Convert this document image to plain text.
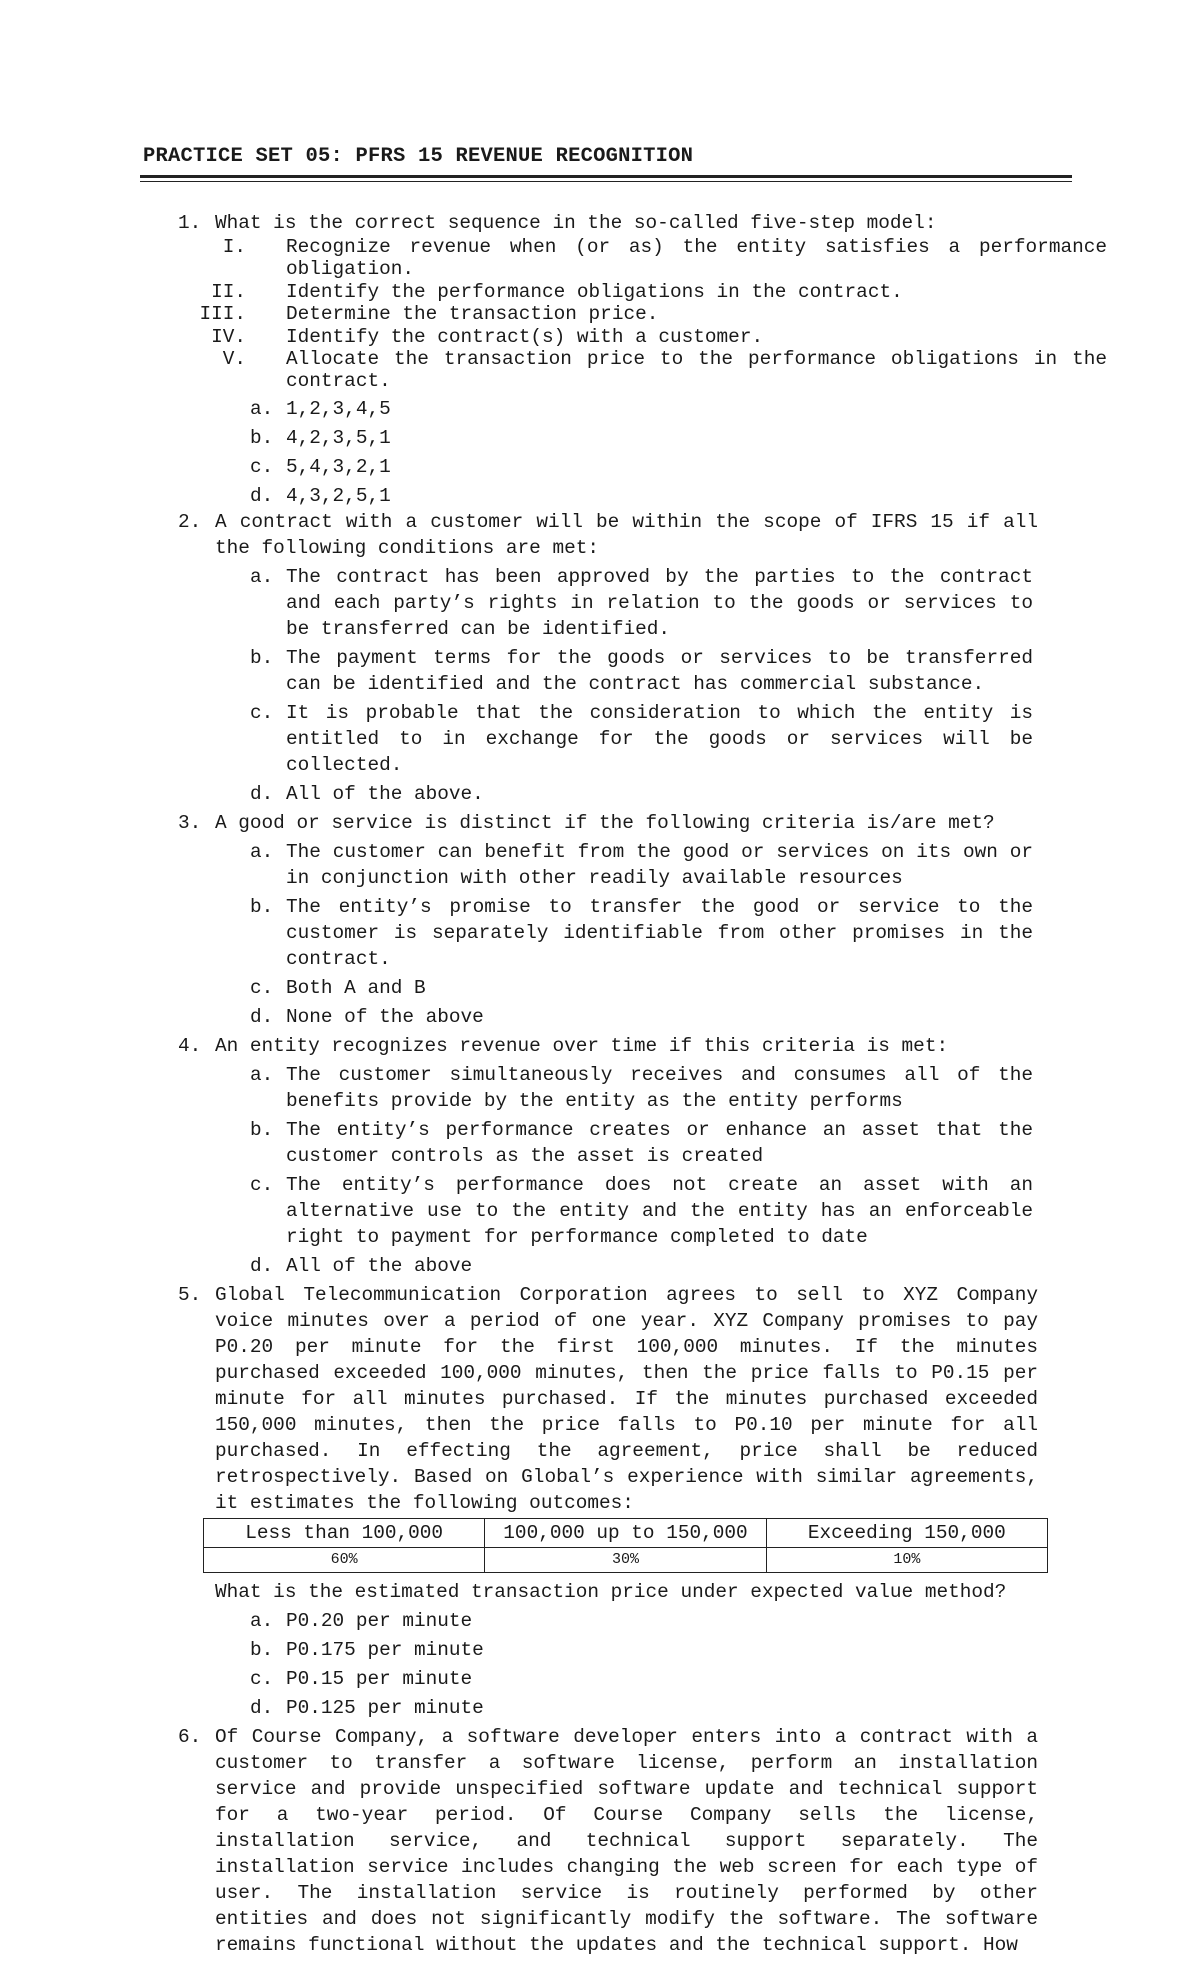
PRACTICE SET 05: PFRS 15 REVENUE RECOGNITION
1. What is the correct sequence in the so-called five-step model:
I. Recognize revenue when (or as) the entity satisfies a performance obligation.
II. Identify the performance obligations in the contract.
III. Determine the transaction price.
IV. Identify the contract(s) with a customer.
V. Allocate the transaction price to the performance obligations in the contract.
a. 1,2,3,4,5
b. 4,2,3,5,1
c. 5,4,3,2,1
d. 4,3,2,5,1
2. A contract with a customer will be within the scope of IFRS 15 if all the following conditions are met:
a. The contract has been approved by the parties to the contract and each party’s rights in relation to the goods or services to be transferred can be identified.
b. The payment terms for the goods or services to be transferred can be identified and the contract has commercial substance.
c. It is probable that the consideration to which the entity is entitled to in exchange for the goods or services will be collected.
d. All of the above.
3. A good or service is distinct if the following criteria is/are met?
a. The customer can benefit from the good or services on its own or in conjunction with other readily available resources
b. The entity’s promise to transfer the good or service to the customer is separately identifiable from other promises in the contract.
c. Both A and B
d. None of the above
4. An entity recognizes revenue over time if this criteria is met:
a. The customer simultaneously receives and consumes all of the benefits provide by the entity as the entity performs
b. The entity’s performance creates or enhance an asset that the customer controls as the asset is created
c. The entity’s performance does not create an asset with an alternative use to the entity and the entity has an enforceable right to payment for performance completed to date
d. All of the above
5. Global Telecommunication Corporation agrees to sell to XYZ Company voice minutes over a period of one year. XYZ Company promises to pay P0.20 per minute for the first 100,000 minutes. If the minutes purchased exceeded 100,000 minutes, then the price falls to P0.15 per minute for all minutes purchased. If the minutes purchased exceeded 150,000 minutes, then the price falls to P0.10 per minute for all purchased. In effecting the agreement, price shall be reduced retrospectively. Based on Global’s experience with similar agreements, it estimates the following outcomes:
Less than 100,000	100,000 up to 150,000	Exceeding 150,000
60%	30%	10%
What is the estimated transaction price under expected value method?
a. P0.20 per minute
b. P0.175 per minute
c. P0.15 per minute
d. P0.125 per minute
6. Of Course Company, a software developer enters into a contract with a customer to transfer a software license, perform an installation service and provide unspecified software update and technical support for a two-year period. Of Course Company sells the license, installation service, and technical support separately. The installation service includes changing the web screen for each type of user. The installation service is routinely performed by other entities and does not significantly modify the software. The software remains functional without the updates and the technical support. How
